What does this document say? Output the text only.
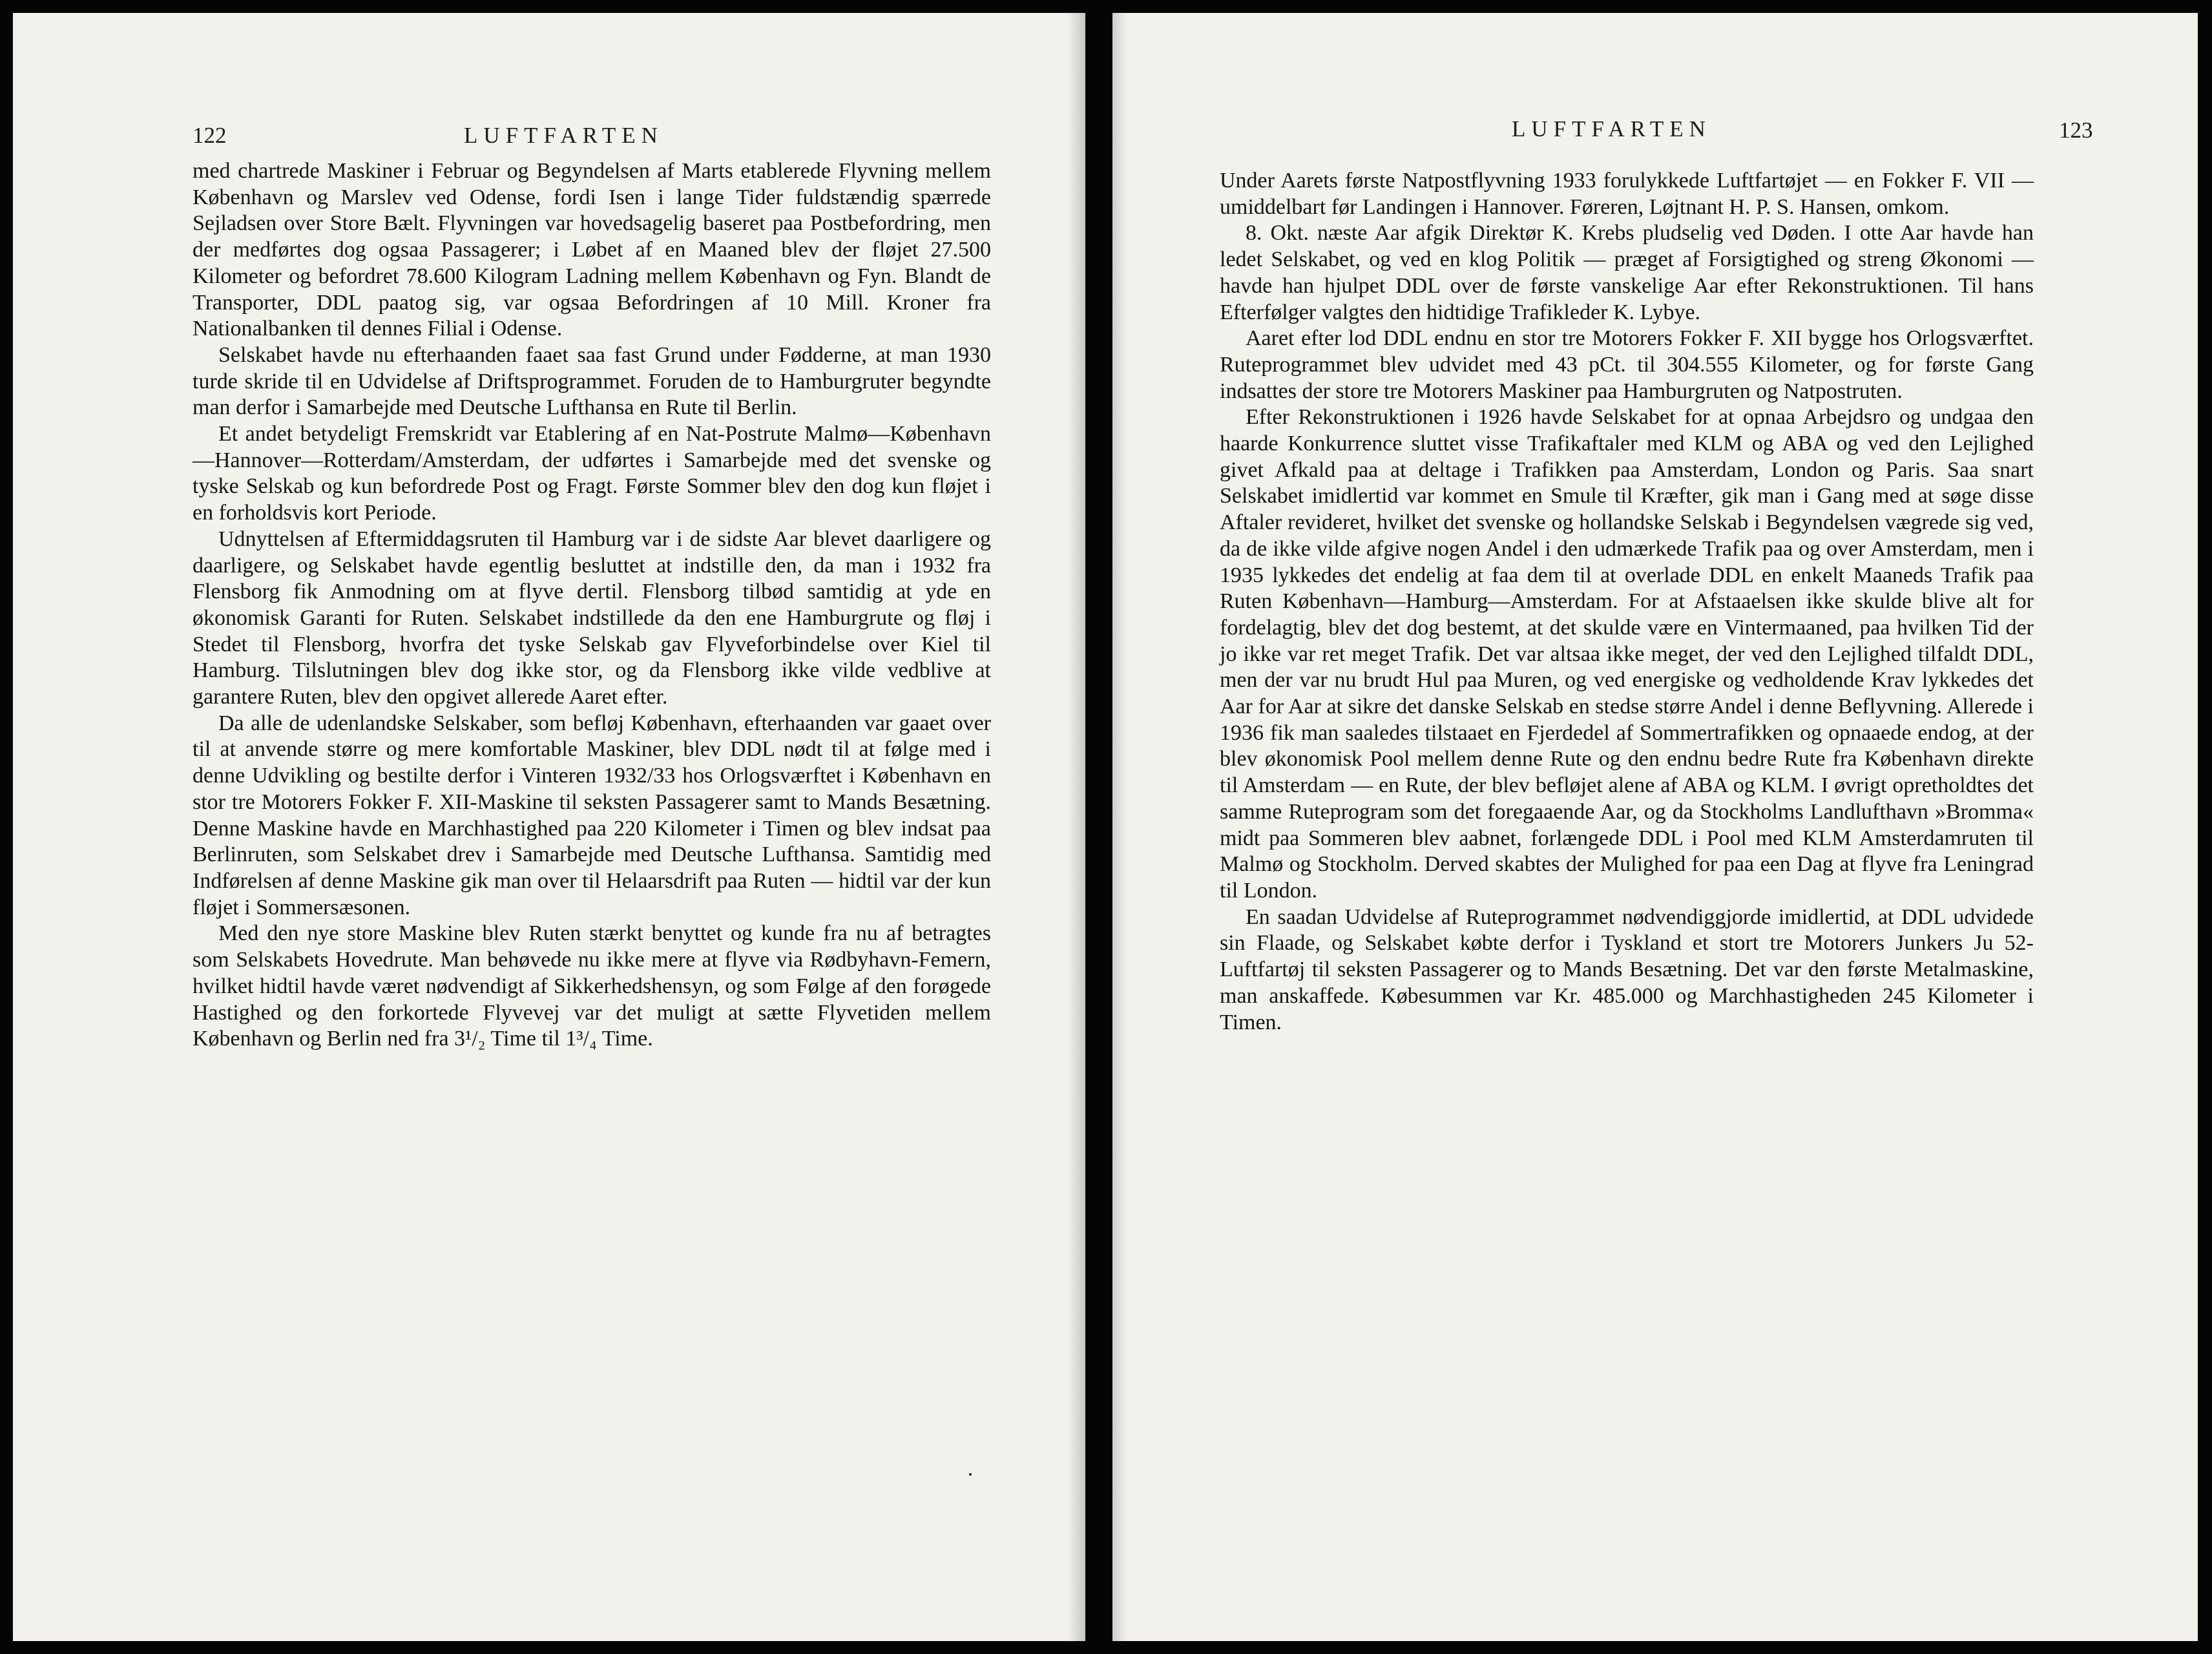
122	LUFTFARTEN

med chartrede Maskiner i Februar og Begyndelsen af Marts etablerede Flyvning mellem København og Marslev ved Odense, fordi Isen i lange Tider fuldstændig spærrede Sejladsen over Store Bælt. Flyvningen var hovedsagelig baseret paa Postbefordring, men der medførtes dog ogsaa Passagerer; i Løbet af en Maaned blev der fløjet 27.500 Kilometer og befordret 78.600 Kilogram Ladning mellem København og Fyn. Blandt de Transporter, DDL paatog sig, var ogsaa Befordringen af 10 Mill. Kroner fra Nationalbanken til dennes Filial i Odense.

Selskabet havde nu efterhaanden faaet saa fast Grund under Fødderne, at man 1930 turde skride til en Udvidelse af Driftsprogrammet. Foruden de to Hamburgruter begyndte man derfor i Samarbejde med Deutsche Lufthansa en Rute til Berlin.

Et andet betydeligt Fremskridt var Etablering af en Nat-Postrute Malmø—København—Hannover—Rotterdam/Amsterdam, der udførtes i Samarbejde med det svenske og tyske Selskab og kun befordrede Post og Fragt. Første Sommer blev den dog kun fløjet i en forholdsvis kort Periode.

Udnyttelsen af Eftermiddagsruten til Hamburg var i de sidste Aar blevet daarligere og daarligere, og Selskabet havde egentlig besluttet at indstille den, da man i 1932 fra Flensborg fik Anmodning om at flyve dertil. Flensborg tilbød samtidig at yde en økonomisk Garanti for Ruten. Selskabet indstillede da den ene Hamburgrute og fløj i Stedet til Flensborg, hvorfra det tyske Selskab gav Flyveforbindelse over Kiel til Hamburg. Tilslutningen blev dog ikke stor, og da Flensborg ikke vilde vedblive at garantere Ruten, blev den opgivet allerede Aaret efter.

Da alle de udenlandske Selskaber, som befløj København, efterhaanden var gaaet over til at anvende større og mere komfortable Maskiner, blev DDL nødt til at følge med i denne Udvikling og bestilte derfor i Vinteren 1932/33 hos Orlogsværftet i København en stor tre Motorers Fokker F. XII-Maskine til seksten Passagerer samt to Mands Besætning. Denne Maskine havde en Marchhastighed paa 220 Kilometer i Timen og blev indsat paa Berlinruten, som Selskabet drev i Samarbejde med Deutsche Lufthansa. Samtidig med Indførelsen af denne Maskine gik man over til Helaarsdrift paa Ruten — hidtil var der kun fløjet i Sommersæsonen.

Med den nye store Maskine blev Ruten stærkt benyttet og kunde fra nu af betragtes som Selskabets Hovedrute. Man behøvede nu ikke mere at flyve via Rødbyhavn-Femern, hvilket hidtil havde været nødvendigt af Sikkerhedshensyn, og som Følge af den forøgede Hastighed og den forkortede Flyvevej var det muligt at sætte Flyvetiden mellem København og Berlin ned fra 3¹/₂ Time til 1³/₄ Time.

LUFTFARTEN	123

Under Aarets første Natpostflyvning 1933 forulykkede Luftfartøjet — en Fokker F. VII — umiddelbart før Landingen i Hannover. Føreren, Løjtnant H. P. S. Hansen, omkom.

8. Okt. næste Aar afgik Direktør K. Krebs pludselig ved Døden. I otte Aar havde han ledet Selskabet, og ved en klog Politik — præget af Forsigtighed og streng Økonomi — havde han hjulpet DDL over de første vanskelige Aar efter Rekonstruktionen. Til hans Efterfølger valgtes den hidtidige Trafikleder K. Lybye.

Aaret efter lod DDL endnu en stor tre Motorers Fokker F. XII bygge hos Orlogsværftet. Ruteprogrammet blev udvidet med 43 pCt. til 304.555 Kilometer, og for første Gang indsattes der store tre Motorers Maskiner paa Hamburgruten og Natpostruten.

Efter Rekonstruktionen i 1926 havde Selskabet for at opnaa Arbejdsro og undgaa den haarde Konkurrence sluttet visse Trafikaftaler med KLM og ABA og ved den Lejlighed givet Afkald paa at deltage i Trafikken paa Amsterdam, London og Paris. Saa snart Selskabet imidlertid var kommet en Smule til Kræfter, gik man i Gang med at søge disse Aftaler revideret, hvilket det svenske og hollandske Selskab i Begyndelsen vægrede sig ved, da de ikke vilde afgive nogen Andel i den udmærkede Trafik paa og over Amsterdam, men i 1935 lykkedes det endelig at faa dem til at overlade DDL en enkelt Maaneds Trafik paa Ruten København—Hamburg—Amsterdam. For at Afstaaelsen ikke skulde blive alt for fordelagtig, blev det dog bestemt, at det skulde være en Vintermaaned, paa hvilken Tid der jo ikke var ret meget Trafik. Det var altsaa ikke meget, der ved den Lejlighed tilfaldt DDL, men der var nu brudt Hul paa Muren, og ved energiske og vedholdende Krav lykkedes det Aar for Aar at sikre det danske Selskab en stedse større Andel i denne Beflyvning. Allerede i 1936 fik man saaledes tilstaaet en Fjerdedel af Sommertrafikken og opnaaede endog, at der blev økonomisk Pool mellem denne Rute og den endnu bedre Rute fra København direkte til Amsterdam — en Rute, der blev befløjet alene af ABA og KLM. I øvrigt opretholdtes det samme Ruteprogram som det foregaaende Aar, og da Stockholms Landlufthavn »Bromma« midt paa Sommeren blev aabnet, forlængede DDL i Pool med KLM Amsterdamruten til Malmø og Stockholm. Derved skabtes der Mulighed for paa een Dag at flyve fra Leningrad til London.

En saadan Udvidelse af Ruteprogrammet nødvendiggjorde imidlertid, at DDL udvidede sin Flaade, og Selskabet købte derfor i Tyskland et stort tre Motorers Junkers Ju 52-Luftfartøj til seksten Passagerer og to Mands Besætning. Det var den første Metalmaskine, man anskaffede. Købesummen var Kr. 485.000 og Marchhastigheden 245 Kilometer i Timen.
